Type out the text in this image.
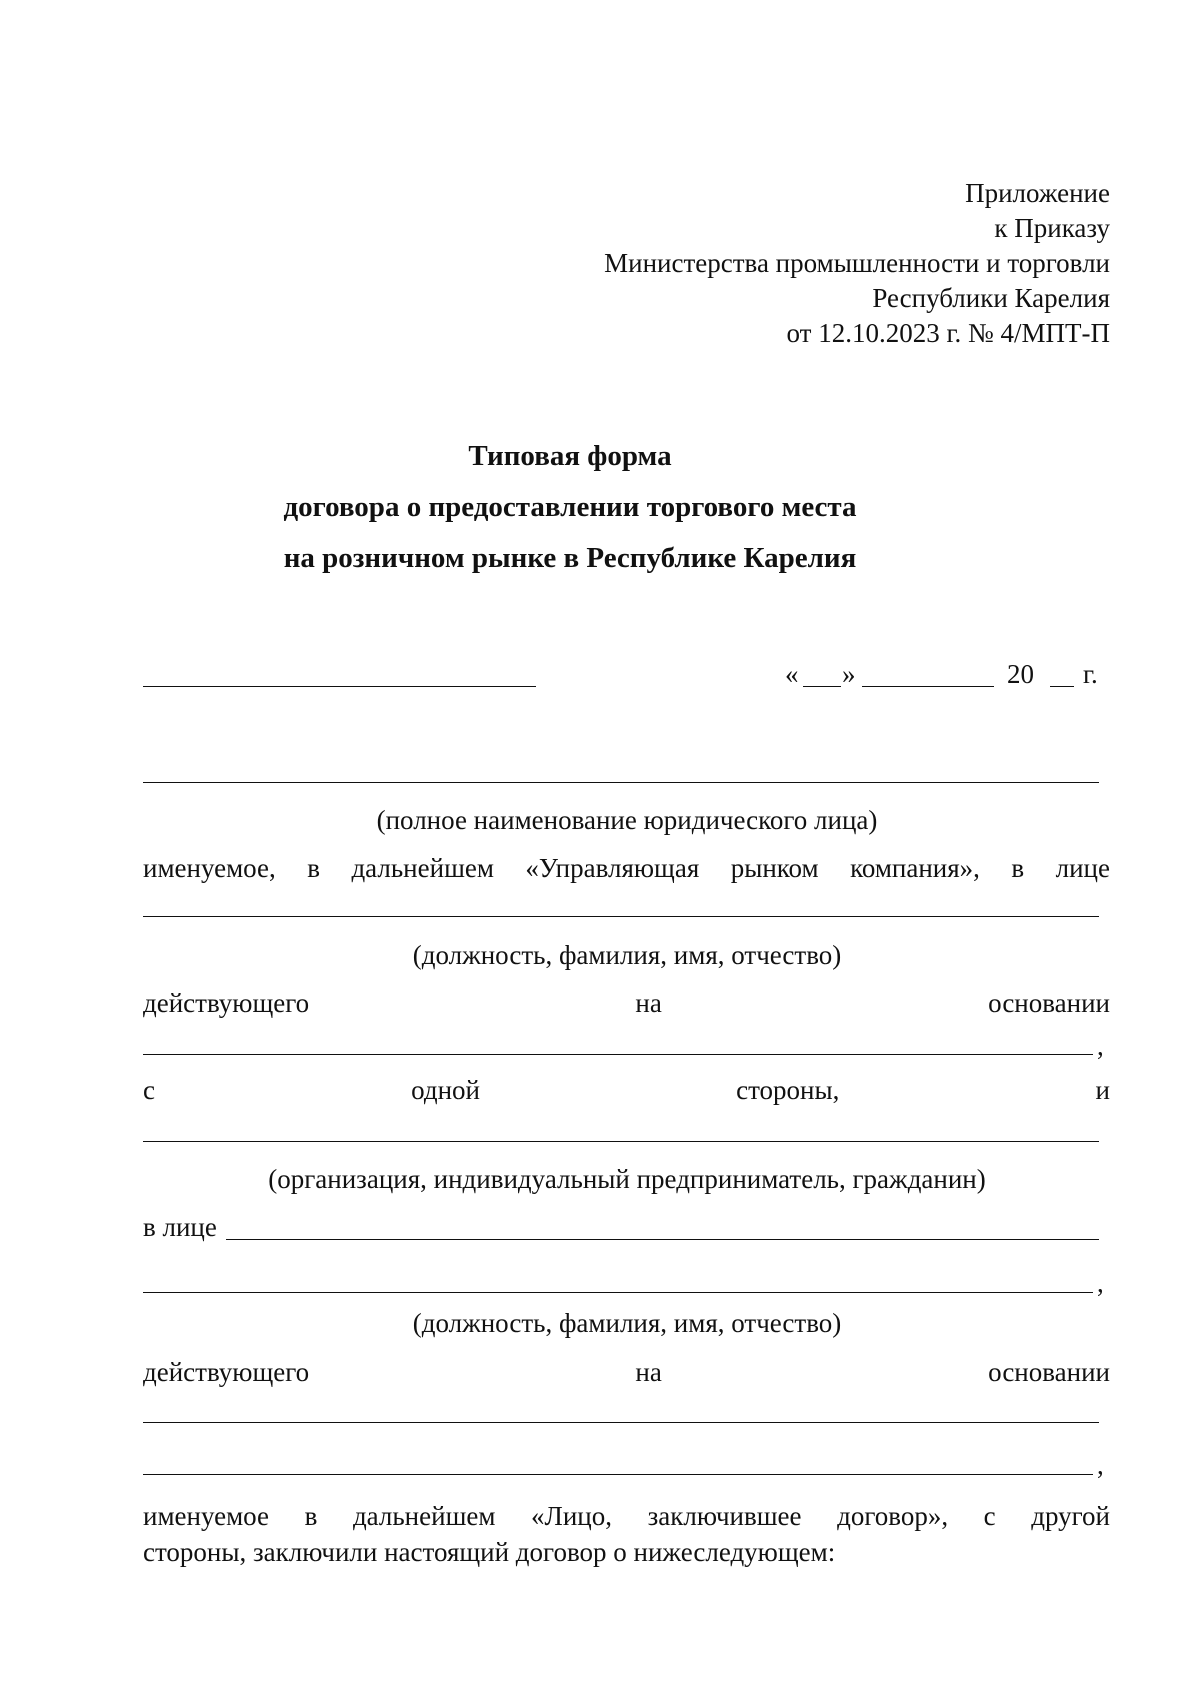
Приложение
к Приказу
Министерства промышленности и торговли
Республики Карелия
от 12.10.2023 г. № 4/МПТ-П
Типовая форма
договора о предоставлении торгового места
на розничном рынке в Республике Карелия
« »	20 г.
(полное наименование юридического лица)
именуемое, в дальнейшем «Управляющая рынком компания», в лице
(должность, фамилия, имя, отчество)
действующего	на	основании
,
с	одной	стороны,	и
(организация, индивидуальный предприниматель, гражданин)
в лице
,
(должность, фамилия, имя, отчество)
действующего	на	основании
,
именуемое в дальнейшем «Лицо, заключившее договор», с другой
стороны, заключили настоящий договор о нижеследующем:
